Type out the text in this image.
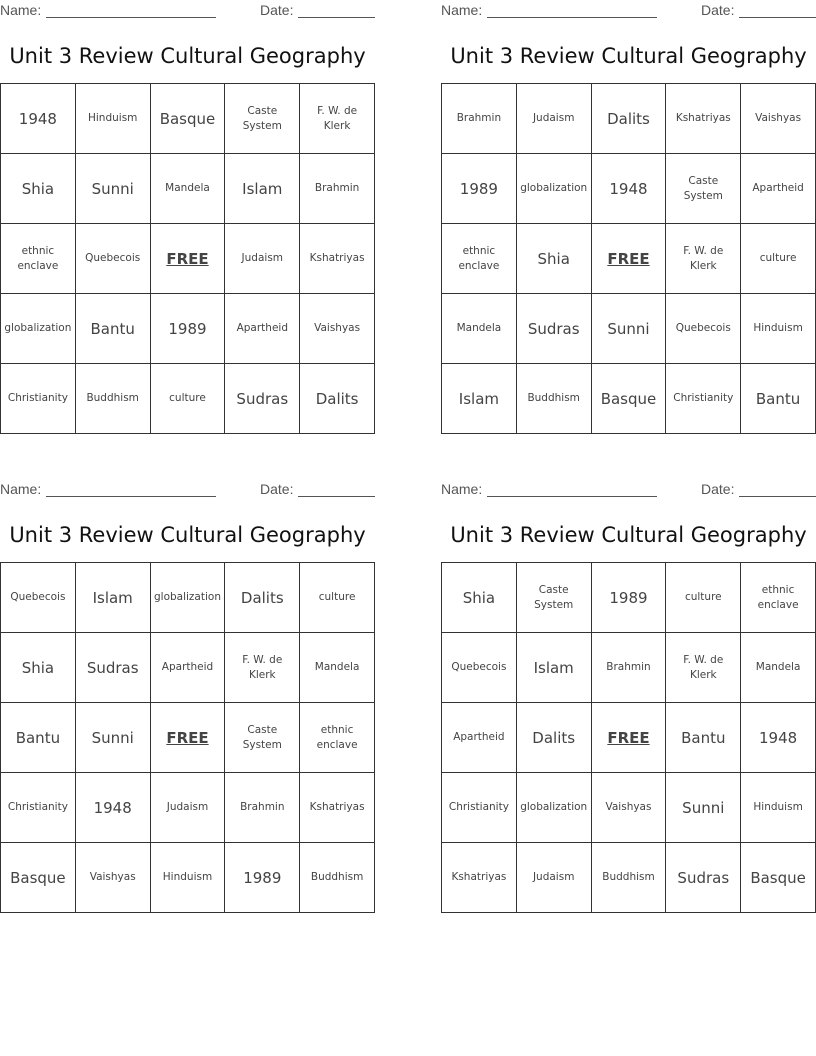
Name:	Date:
Unit 3 Review Cultural Geography
1948	Hinduism	Basque	Caste System	F. W. de Klerk
Shia	Sunni	Mandela	Islam	Brahmin
ethnic enclave	Quebecois	FREE	Judaism	Kshatriyas
globalization	Bantu	1989	Apartheid	Vaishyas
Christianity	Buddhism	culture	Sudras	Dalits
Name:	Date:
Unit 3 Review Cultural Geography
Brahmin	Judaism	Dalits	Kshatriyas	Vaishyas
1989	globalization	1948	Caste System	Apartheid
ethnic enclave	Shia	FREE	F. W. de Klerk	culture
Mandela	Sudras	Sunni	Quebecois	Hinduism
Islam	Buddhism	Basque	Christianity	Bantu
Name:	Date:
Unit 3 Review Cultural Geography
Quebecois	Islam	globalization	Dalits	culture
Shia	Sudras	Apartheid	F. W. de Klerk	Mandela
Bantu	Sunni	FREE	Caste System	ethnic enclave
Christianity	1948	Judaism	Brahmin	Kshatriyas
Basque	Vaishyas	Hinduism	1989	Buddhism
Name:	Date:
Unit 3 Review Cultural Geography
Shia	Caste System	1989	culture	ethnic enclave
Quebecois	Islam	Brahmin	F. W. de Klerk	Mandela
Apartheid	Dalits	FREE	Bantu	1948
Christianity	globalization	Vaishyas	Sunni	Hinduism
Kshatriyas	Judaism	Buddhism	Sudras	Basque
